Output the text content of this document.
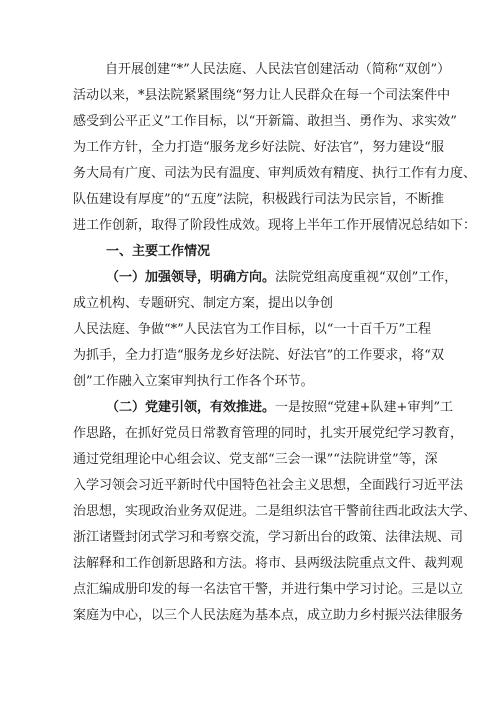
自开展创建“*”人民法庭、人民法官创建活动（简称“双创”）
活动以来，*县法院紧紧围绕“努力让人民群众在每一个司法案件中
感受到公平正义”工作目标，以“开新篇、敢担当、勇作为、求实效”
为工作方针，全力打造“服务龙乡好法院、好法官”，努力建设“服
务大局有广度、司法为民有温度、审判质效有精度、执行工作有力度、
队伍建设有厚度”的“五度”法院，积极践行司法为民宗旨，不断推
进工作创新，取得了阶段性成效。现将上半年工作开展情况总结如下：
一、主要工作情况
（一）加强领导，明确方向。法院党组高度重视“双创”工作，
成立机构、专题研究、制定方案，提出以争创
人民法庭、争做“*”人民法官为工作目标，以“一十百千万”工程
为抓手，全力打造“服务龙乡好法院、好法官”的工作要求，将“双
创”工作融入立案审判执行工作各个环节。
（二）党建引领，有效推进。一是按照“党建+队建+审判”工
作思路，在抓好党员日常教育管理的同时，扎实开展党纪学习教育，
通过党组理论中心组会议、党支部“三会一课”“法院讲堂”等，深
入学习领会习近平新时代中国特色社会主义思想，全面践行习近平法
治思想，实现政治业务双促进。二是组织法官干警前往西北政法大学、
浙江诸暨封闭式学习和考察交流，学习新出台的政策、法律法规、司
法解释和工作创新思路和方法。将市、县两级法院重点文件、裁判观
点汇编成册印发的每一名法官干警，并进行集中学习讨论。三是以立
案庭为中心，以三个人民法庭为基本点，成立助力乡村振兴法律服务
